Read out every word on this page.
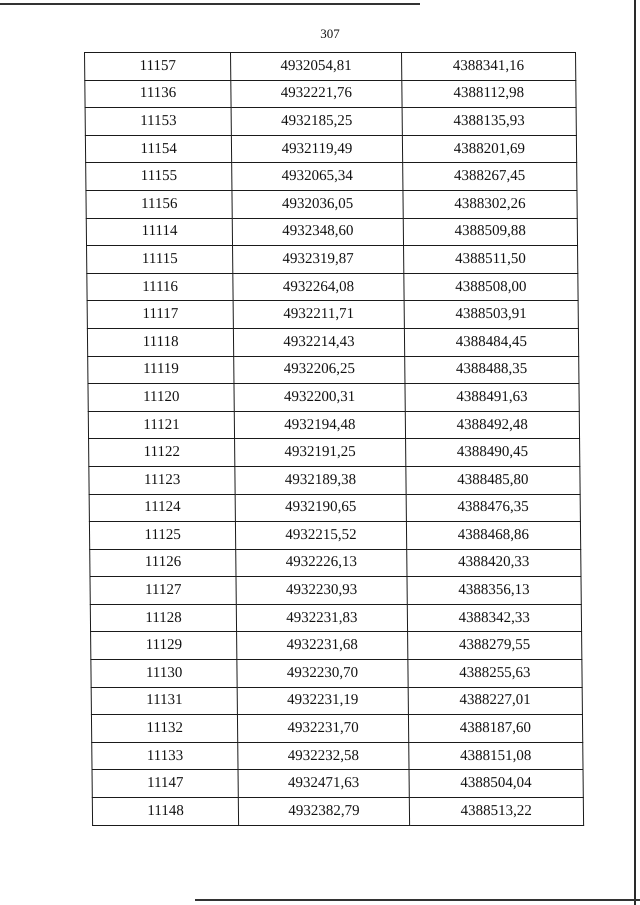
307
11157	4932054,81	4388341,16
11136	4932221,76	4388112,98
11153	4932185,25	4388135,93
11154	4932119,49	4388201,69
11155	4932065,34	4388267,45
11156	4932036,05	4388302,26
11114	4932348,60	4388509,88
11115	4932319,87	4388511,50
11116	4932264,08	4388508,00
11117	4932211,71	4388503,91
11118	4932214,43	4388484,45
11119	4932206,25	4388488,35
11120	4932200,31	4388491,63
11121	4932194,48	4388492,48
11122	4932191,25	4388490,45
11123	4932189,38	4388485,80
11124	4932190,65	4388476,35
11125	4932215,52	4388468,86
11126	4932226,13	4388420,33
11127	4932230,93	4388356,13
11128	4932231,83	4388342,33
11129	4932231,68	4388279,55
11130	4932230,70	4388255,63
11131	4932231,19	4388227,01
11132	4932231,70	4388187,60
11133	4932232,58	4388151,08
11147	4932471,63	4388504,04
11148	4932382,79	4388513,22
